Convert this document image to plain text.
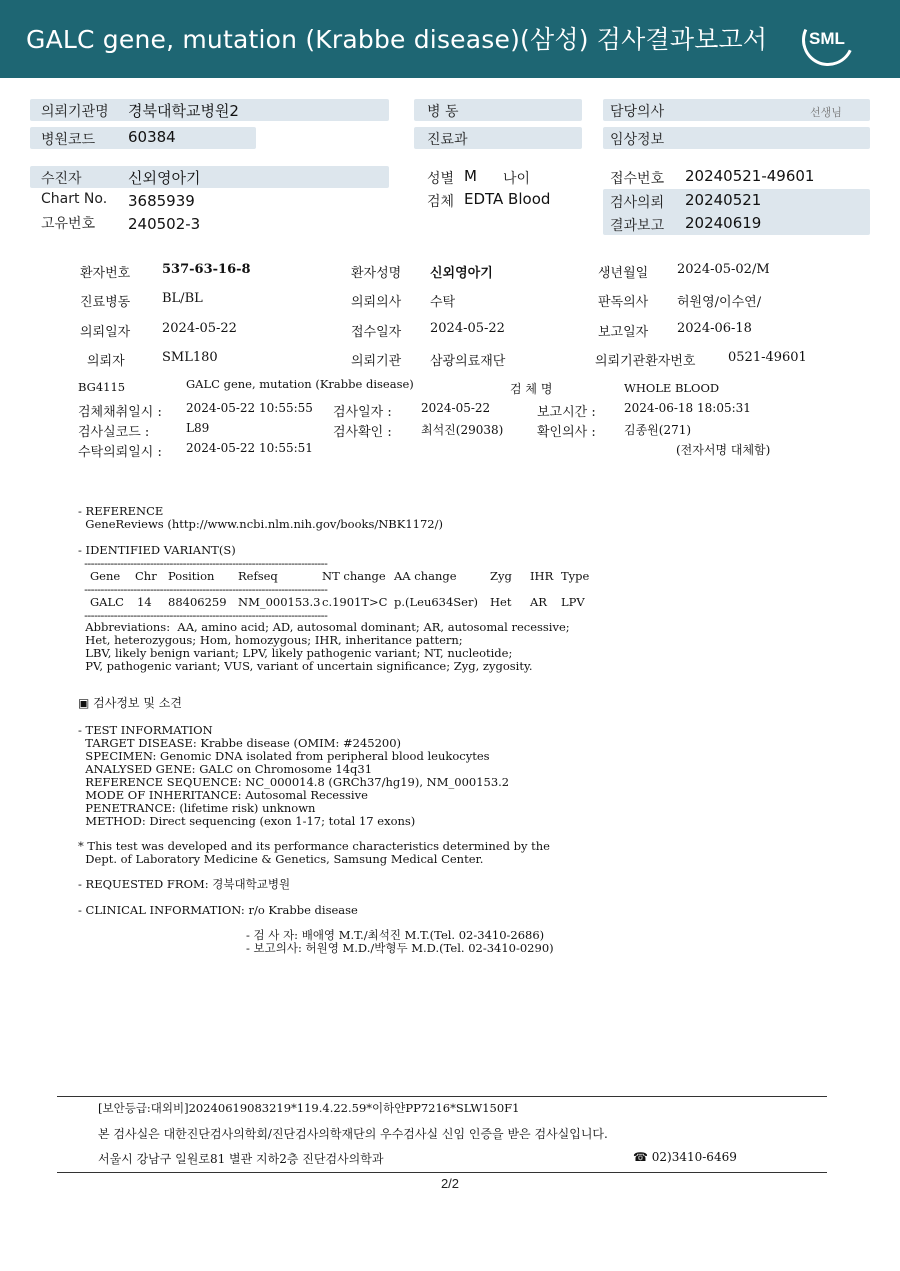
GALC gene, mutation (Krabbe disease)(삼성) 검사결과보고서 SML
의뢰기관명 경북대학교병원2
병원코드 60384
병 동
진료과
담당의사	선생님
임상정보
수진자	신외영아기
Chart No. 3685939
고유번호 240502-3
성별 M 나이
검체 EDTA Blood
접수번호 20240521-49601
검사의뢰 20240521
결과보고 20240619
환자번호 537-63-16-8	환자성명 신외영아기	생년월일 2024-05-02/M
진료병동 BL/BL	의뢰의사 수탁	판독의사 허원영/이수연/
의뢰일자 2024-05-22	접수일자 2024-05-22	보고일자 2024-06-18
의뢰자	SML180	의뢰기관 삼광의료재단	의뢰기관환자번호	0521-49601
BG4115	GALC gene, mutation (Krabbe disease)	검 체 명	WHOLE BLOOD
검체채취일시 : 2024-05-22 10:55:55 검사일자 : 2024-05-22	보고시간 : 2024-06-18 18:05:31
검사실코드 :	L89	검사확인 : 최석진(29038)	확인의사 : 김종원(271)
수탁의뢰일시 : 2024-05-22 10:55:51	(전자서명 대체함)
- REFERENCE
GeneReviews (http://www.ncbi.nlm.nih.gov/books/NBK1172/)
- IDENTIFIED VARIANT(S)
--------------------------------------------------------------------------
Gene Chr Position Refseq	NT change AA change	Zyg IHR Type
--------------------------------------------------------------------------
GALC 14 88406259 NM_000153.3 c.1901T>C p.(Leu634Ser) Het AR LPV
--------------------------------------------------------------------------
Abbreviations:  AA, amino acid; AD, autosomal dominant; AR, autosomal recessive;
Het, heterozygous; Hom, homozygous; IHR, inheritance pattern;
LBV, likely benign variant; LPV, likely pathogenic variant; NT, nucleotide;
PV, pathogenic variant; VUS, variant of uncertain significance; Zyg, zygosity.
▣ 검사정보 및 소견
- TEST INFORMATION
TARGET DISEASE: Krabbe disease (OMIM: #245200)
SPECIMEN: Genomic DNA isolated from peripheral blood leukocytes
ANALYSED GENE: GALC on Chromosome 14q31
REFERENCE SEQUENCE: NC_000014.8 (GRCh37/hg19), NM_000153.2
MODE OF INHERITANCE: Autosomal Recessive
PENETRANCE: (lifetime risk) unknown
METHOD: Direct sequencing (exon 1-17; total 17 exons)
* This test was developed and its performance characteristics determined by the
Dept. of Laboratory Medicine & Genetics, Samsung Medical Center.
- REQUESTED FROM: 경북대학교병원
- CLINICAL INFORMATION: r/o Krabbe disease
- 검 사 자: 배애영 M.T./최석진 M.T.(Tel. 02-3410-2686)
- 보고의사: 허원영 M.D./박형두 M.D.(Tel. 02-3410-0290)
[보안등급:대외비]20240619083219*119.4.22.59*이하얀PP7216*SLW150F1
본 검사실은 대한진단검사의학회/진단검사의학재단의 우수검사실 신임 인증을 받은 검사실입니다.
서울시 강남구 일원로81 별관 지하2층 진단검사의학과	☎ 02)3410-6469
2/2
